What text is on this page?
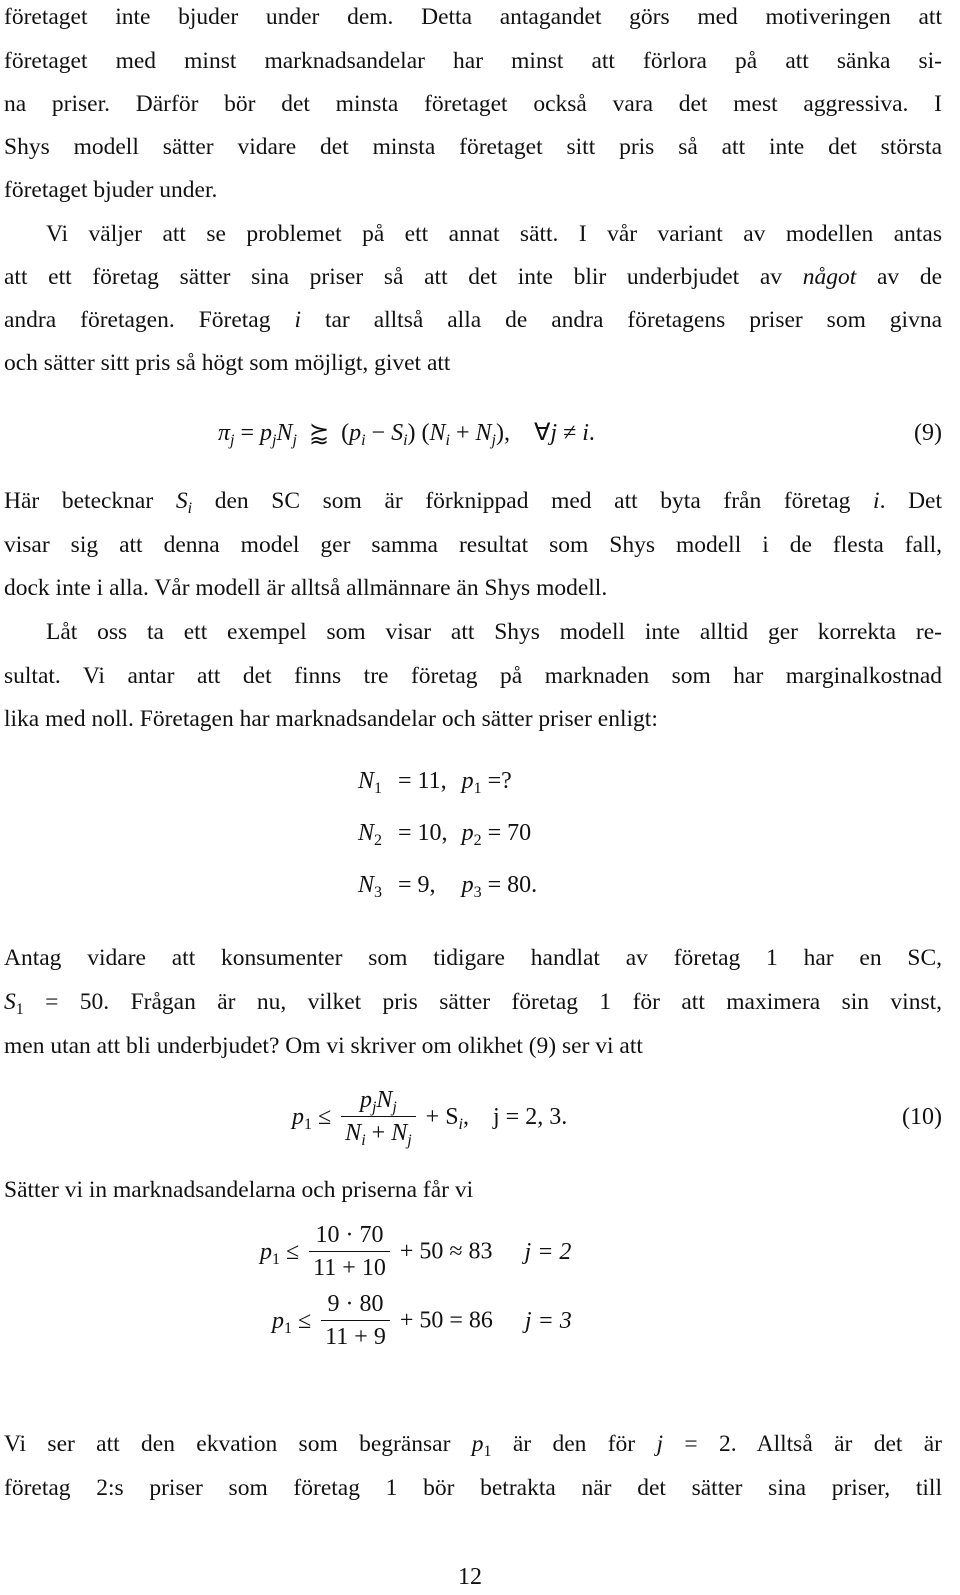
företaget inte bjuder under dem. Detta antagandet görs med motiveringen att
företaget med minst marknadsandelar har minst att förlora på att sänka si-
na priser. Därför bör det minsta företaget också vara det mest aggressiva. I
Shys modell sätter vidare det minsta företaget sitt pris så att inte det största
företaget bjuder under.
Vi väljer att se problemet på ett annat sätt. I vår variant av modellen antas
att ett företag sätter sina priser så att det inte blir underbjudet av något av de
andra företagen. Företag i tar alltså alla de andra företagens priser som givna
och sätter sitt pris så högt som möjligt, givet att
$\pi_j = p_jN_j$ ⪸  $(p_i - S_i) (N_i + N_j)$, ∀j ≠ i.	(9)
Här betecknar $S_i$ den SC som är förknippad med att byta från företag i. Det
visar sig att denna model ger samma resultat som Shys modell i de flesta fall,
dock inte i alla. Vår modell är alltså allmännare än Shys modell.
Låt oss ta ett exempel som visar att Shys modell inte alltid ger korrekta re-
sultat. Vi antar att det finns tre företag på marknaden som har marginalkostnad
lika med noll. Företagen har marknadsandelar och sätter priser enligt:
$N_1$	= 11,	$p_1$ =?
$N_2$	= 10,	$p_2 = 70$
$N_3$	= 9,	$p_3 = 80$.
Antag vidare att konsumenter som tidigare handlat av företag 1 har en SC,
$S_1 = 50$. Frågan är nu, vilket pris sätter företag 1 för att maximera sin vinst,
men utan att bli underbjudet? Om vi skriver om olikhet (9) ser vi att
$p_1 \le \frac{p_jN_j}{N_i + N_j} + S_i$,    j = 2, 3.	(10)
Sätter vi in marknadsandelarna och priserna får vi
$p_1 \le \frac{10 \cdot 70}{11 + 10} + 50 \approx 83$ j = 2
$p_1 \le \frac{9 \cdot 80}{11 + 9} + 50 = 86$ j = 3
Vi ser att den ekvation som begränsar $p_1$ är den för j = 2. Alltså är det är
företag 2:s priser som företag 1 bör betrakta när det sätter sina priser, till
12
